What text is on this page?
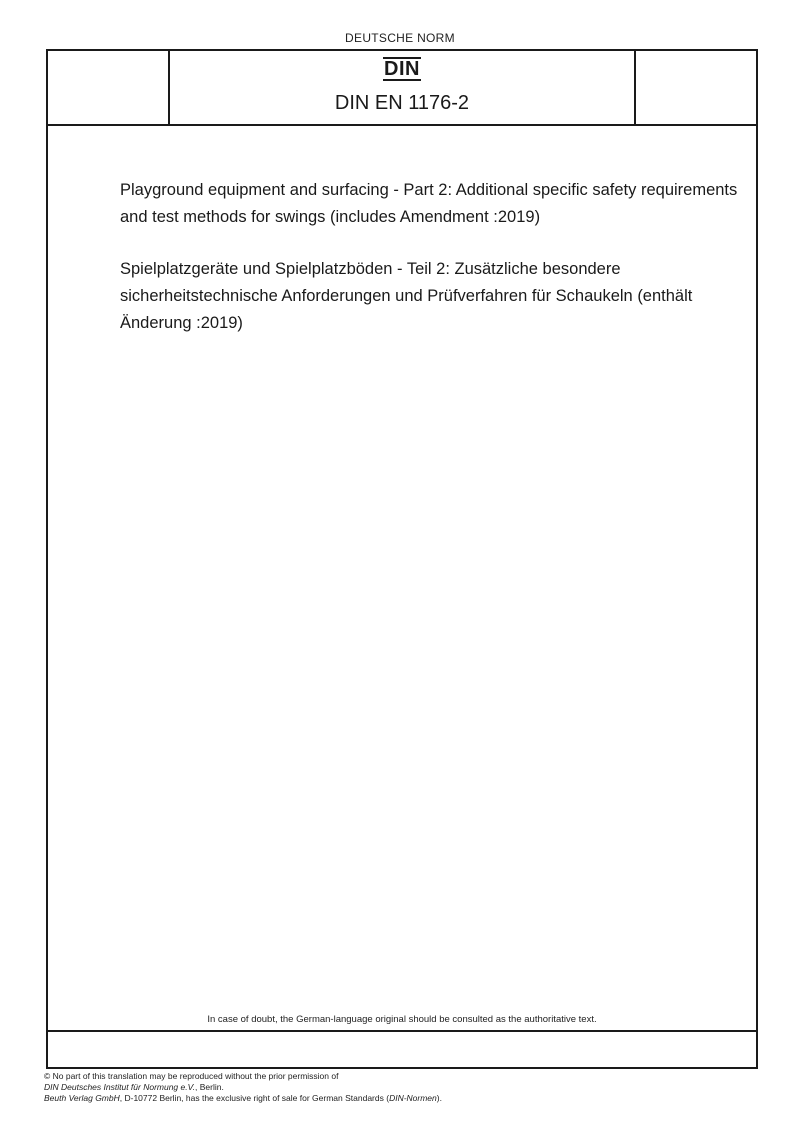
DEUTSCHE NORM
DIN
DIN EN 1176-2

Playground equipment and surfacing - Part 2: Additional specific safety requirements and test methods for swings (includes Amendment :2019)

Spielplatzgeräte und Spielplatzböden - Teil 2: Zusätzliche besondere sicherheitstechnische Anforderungen und Prüfverfahren für Schaukeln (enthält Änderung :2019)

In case of doubt, the German-language original should be consulted as the authoritative text.

© No part of this translation may be reproduced without the prior permission of

DIN Deutsches Institut für Normung e.V., Berlin.

Beuth Verlag GmbH, D-10772 Berlin, has the exclusive right of sale for German Standards (DIN-Normen).
